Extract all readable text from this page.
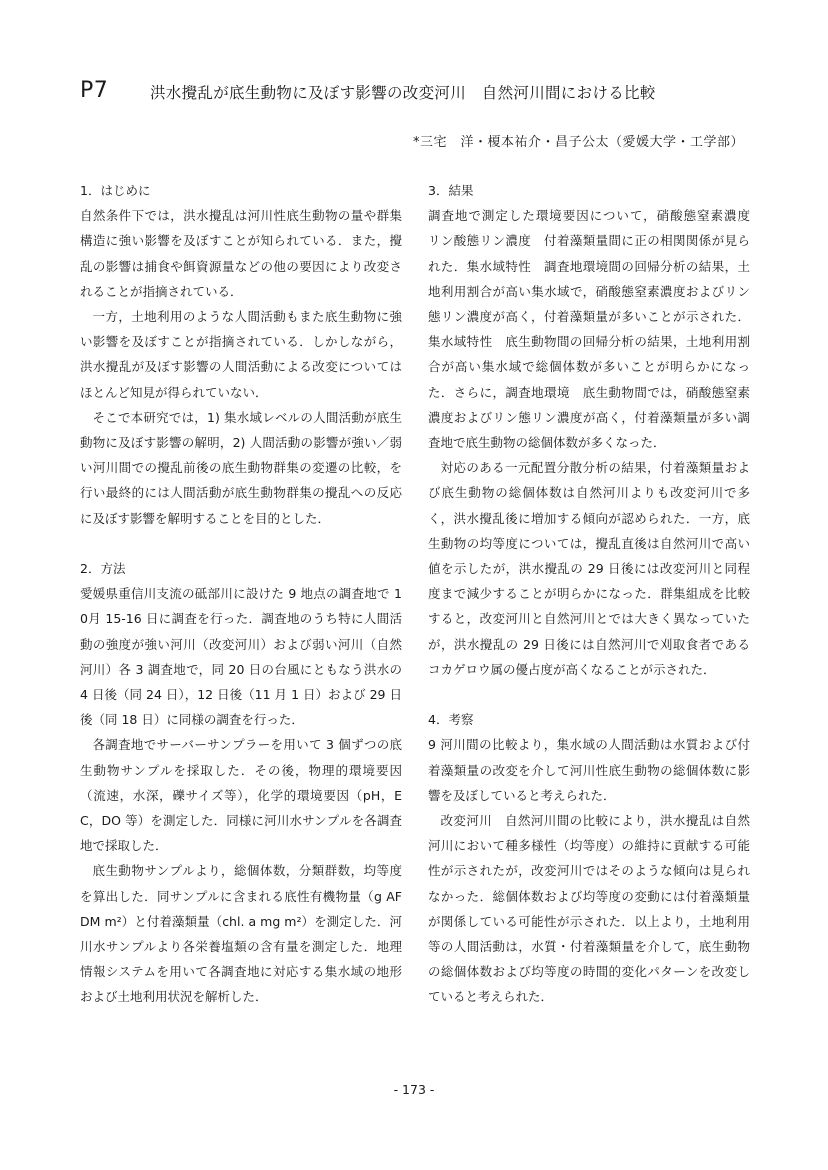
P7	洪水攪乱が底生動物に及ぼす影響の改変河川　自然河川間における比較
*三宅　洋・榎本祐介・昌子公太（愛媛大学・工学部）
1．はじめに

自然条件下では，洪水攪乱は河川性底生動物の量や群集構造に強い影響を及ぼすことが知られている．また，攪乱の影響は捕食や餌資源量などの他の要因により改変されることが指摘されている．

一方，土地利用のような人間活動もまた底生動物に強い影響を及ぼすことが指摘されている．しかしながら，洪水攪乱が及ぼす影響の人間活動による改変についてはほとんど知見が得られていない．

そこで本研究では，1) 集水域レベルの人間活動が底生動物に及ぼす影響の解明，2) 人間活動の影響が強い／弱い河川間での攪乱前後の底生動物群集の変遷の比較，を行い最終的には人間活動が底生動物群集の攪乱への反応に及ぼす影響を解明することを目的とした．

2．方法

愛媛県重信川支流の砥部川に設けた 9 地点の調査地で 10月 15-16 日に調査を行った．調査地のうち特に人間活動の強度が強い河川（改変河川）および弱い河川（自然河川）各 3 調査地で，同 20 日の台風にともなう洪水の 4 日後（同 24 日），12 日後（11 月 1 日）および 29 日後（同 18 日）に同様の調査を行った．

各調査地でサーバーサンプラーを用いて 3 個ずつの底生動物サンプルを採取した．その後，物理的環境要因（流速，水深，礫サイズ等），化学的環境要因（pH，EC，DO 等）を測定した．同様に河川水サンプルを各調査地で採取した．

底生動物サンプルより，総個体数，分類群数，均等度を算出した．同サンプルに含まれる底性有機物量（g AFDM m²）と付着藻類量（chl. a mg m²）を測定した．河川水サンプルより各栄養塩類の含有量を測定した．地理情報システムを用いて各調査地に対応する集水域の地形および土地利用状況を解析した．

3．結果

調査地で測定した環境要因について，硝酸態窒素濃度　リン酸態リン濃度　付着藻類量間に正の相関関係が見られた．集水域特性　調査地環境間の回帰分析の結果，土地利用割合が高い集水域で，硝酸態窒素濃度およびリン態リン濃度が高く，付着藻類量が多いことが示された．集水域特性　底生動物間の回帰分析の結果，土地利用割合が高い集水域で総個体数が多いことが明らかになった．さらに，調査地環境　底生動物間では，硝酸態窒素濃度およびリン態リン濃度が高く，付着藻類量が多い調査地で底生動物の総個体数が多くなった．

対応のある一元配置分散分析の結果，付着藻類量および底生動物の総個体数は自然河川よりも改変河川で多く，洪水攪乱後に増加する傾向が認められた．一方，底生動物の均等度については，攪乱直後は自然河川で高い値を示したが，洪水攪乱の 29 日後には改変河川と同程度まで減少することが明らかになった．群集組成を比較すると，改変河川と自然河川とでは大きく異なっていたが，洪水攪乱の 29 日後には自然河川で刈取食者であるコカゲロウ属の優占度が高くなることが示された．

4．考察

9 河川間の比較より，集水域の人間活動は水質および付着藻類量の改変を介して河川性底生動物の総個体数に影響を及ぼしていると考えられた．

改変河川　自然河川間の比較により，洪水攪乱は自然河川において種多様性（均等度）の維持に貢献する可能性が示されたが，改変河川ではそのような傾向は見られなかった．総個体数および均等度の変動には付着藻類量が関係している可能性が示された．以上より，土地利用等の人間活動は，水質・付着藻類量を介して，底生動物の総個体数および均等度の時間的変化パターンを改変していると考えられた．

- 173 -
